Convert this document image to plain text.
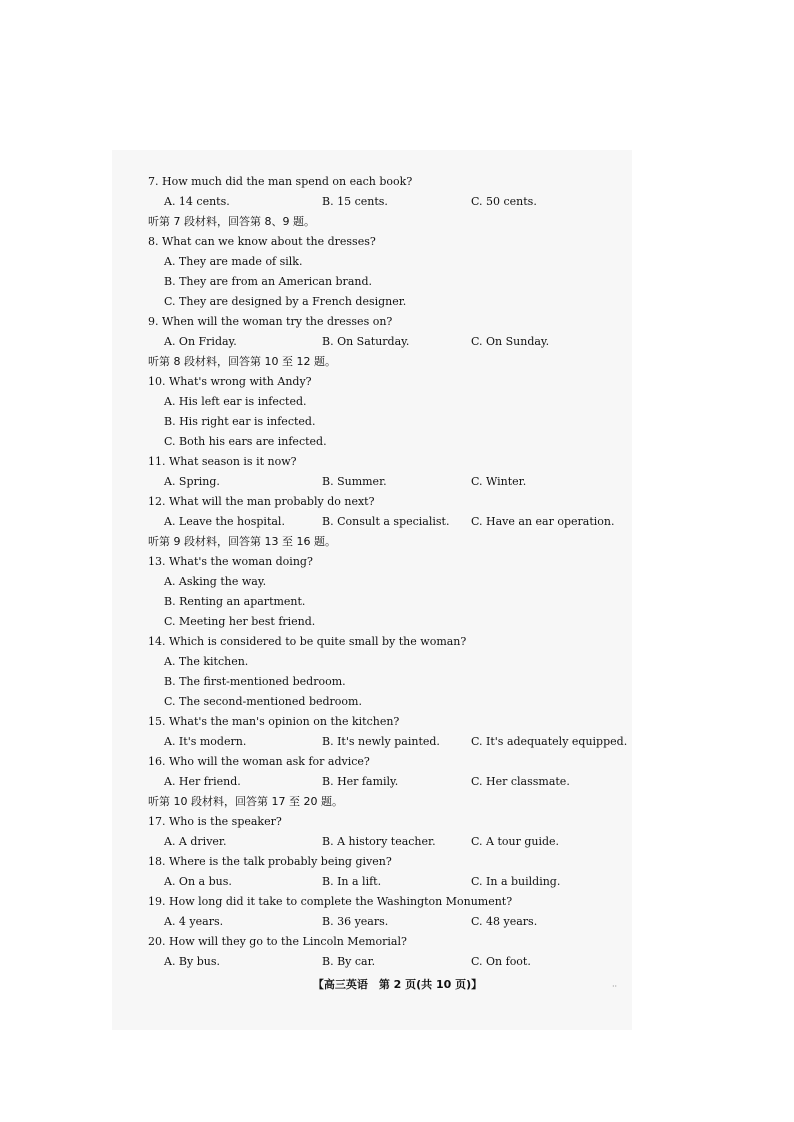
7. How much did the man spend on each book?
A. 14 cents.	B. 15 cents.	C. 50 cents.
听第 7 段材料，回答第 8、9 题。
8. What can we know about the dresses?
A. They are made of silk.
B. They are from an American brand.
C. They are designed by a French designer.
9. When will the woman try the dresses on?
A. On Friday.	B. On Saturday.	C. On Sunday.
听第 8 段材料，回答第 10 至 12 题。
10. What's wrong with Andy?
A. His left ear is infected.
B. His right ear is infected.
C. Both his ears are infected.
11. What season is it now?
A. Spring.	B. Summer.	C. Winter.
12. What will the man probably do next?
A. Leave the hospital.	B. Consult a specialist. C. Have an ear operation.
听第 9 段材料，回答第 13 至 16 题。
13. What's the woman doing?
A. Asking the way.
B. Renting an apartment.
C. Meeting her best friend.
14. Which is considered to be quite small by the woman?
A. The kitchen.
B. The first-mentioned bedroom.
C. The second-mentioned bedroom.
15. What's the man's opinion on the kitchen?
A. It's modern.	B. It's newly painted.	C. It's adequately equipped.
16. Who will the woman ask for advice?
A. Her friend.	B. Her family.	C. Her classmate.
听第 10 段材料，回答第 17 至 20 题。
17. Who is the speaker?
A. A driver.	B. A history teacher.	C. A tour guide.
18. Where is the talk probably being given?
A. On a bus.	B. In a lift.	C. In a building.
19. How long did it take to complete the Washington Monument?
A. 4 years.	B. 36 years.	C. 48 years.
20. How will they go to the Lincoln Memorial?
A. By bus.	B. By car.	C. On foot.
【高三英语　第 2 页(共 10 页)】	··
